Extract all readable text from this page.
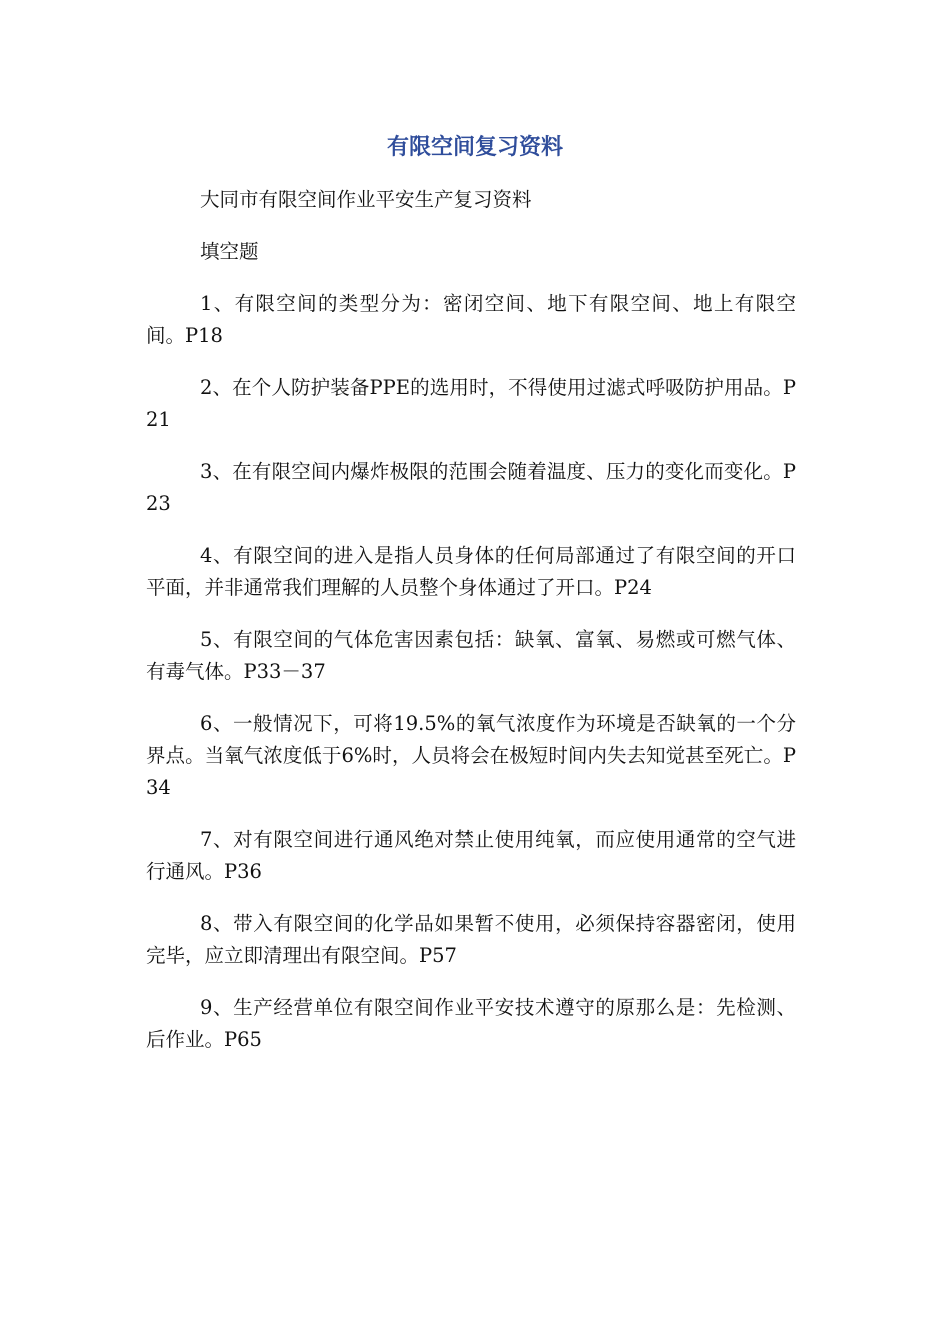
有限空间复习资料

大同市有限空间作业平安生产复习资料

填空题

1、有限空间的类型分为：密闭空间、地下有限空间、地上有限空间。P18

2、在个人防护装备PPE的选用时，不得使用过滤式呼吸防护用品。P21

3、在有限空间内爆炸极限的范围会随着温度、压力的变化而变化。P23

4、有限空间的进入是指人员身体的任何局部通过了有限空间的开口平面，并非通常我们理解的人员整个身体通过了开口。P24

5、有限空间的气体危害因素包括：缺氧、富氧、易燃或可燃气体、有毒气体。P33－37

6、一般情况下，可将19.5%的氧气浓度作为环境是否缺氧的一个分界点。当氧气浓度低于6%时，人员将会在极短时间内失去知觉甚至死亡。P34

7、对有限空间进行通风绝对禁止使用纯氧，而应使用通常的空气进行通风。P36

8、带入有限空间的化学品如果暂不使用，必须保持容器密闭，使用完毕，应立即清理出有限空间。P57

9、生产经营单位有限空间作业平安技术遵守的原那么是：先检测、后作业。P65
